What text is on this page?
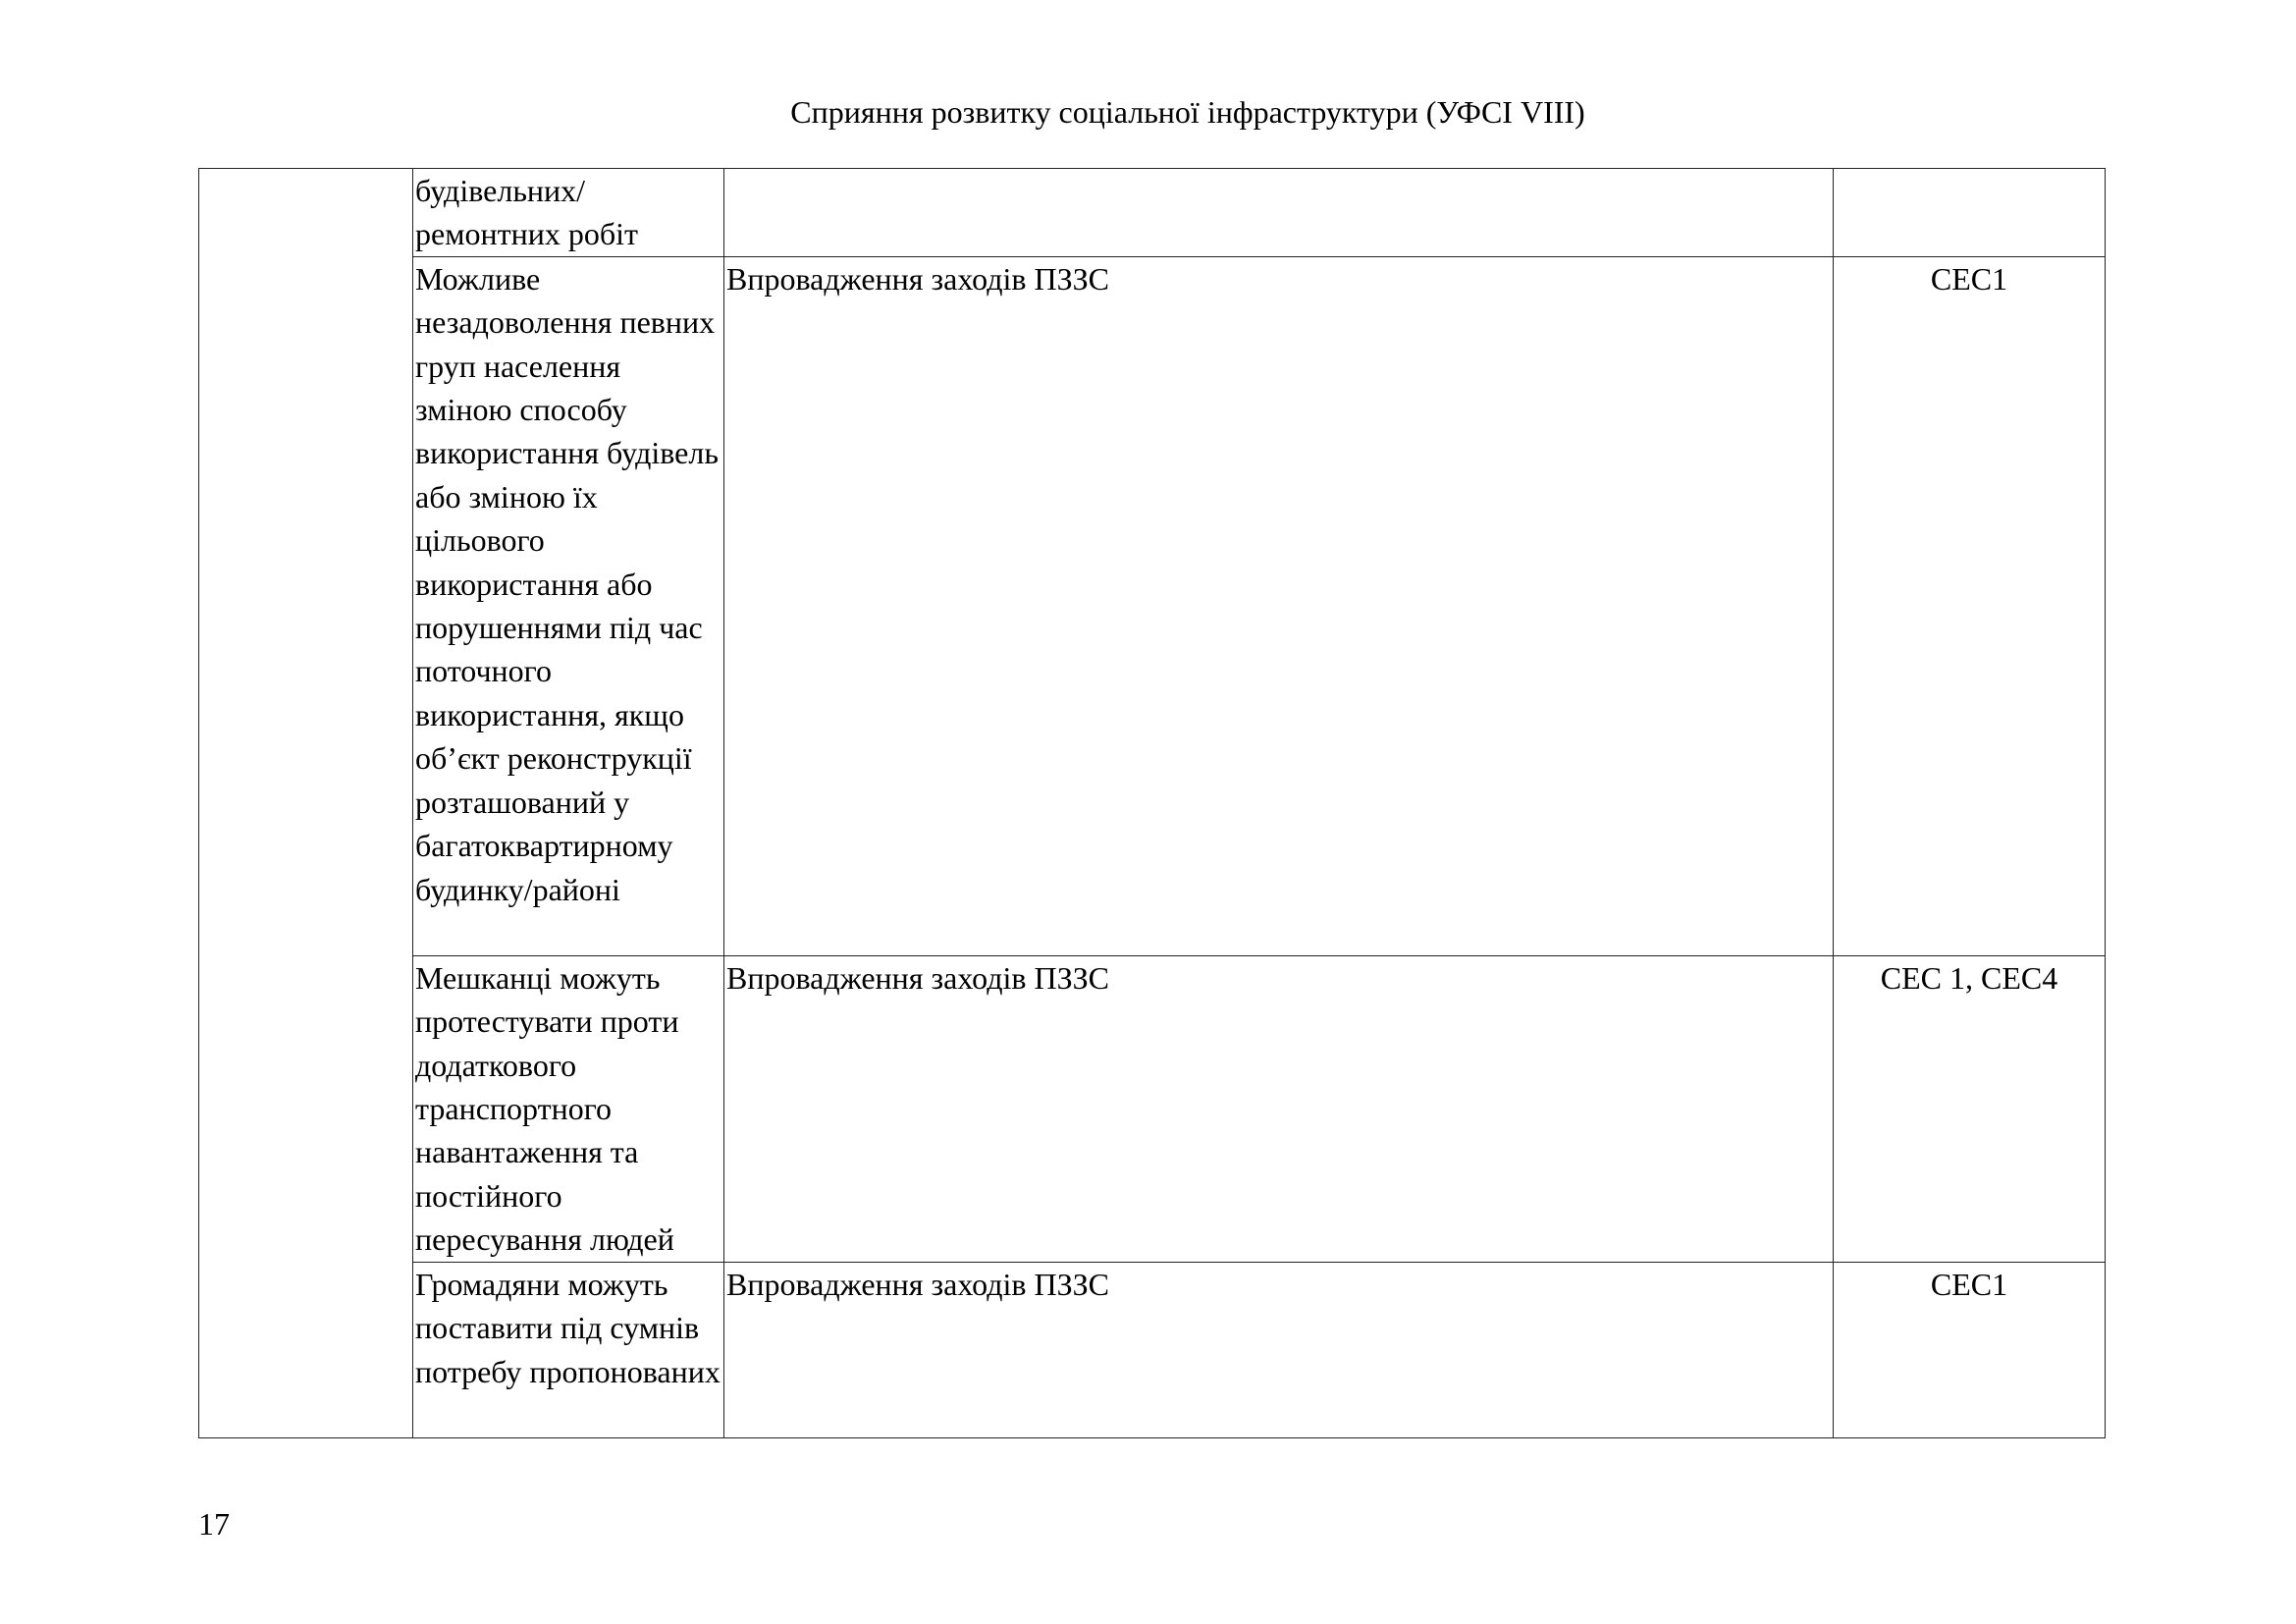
Сприяння розвитку соціальної інфраструктури (УФСІ VIII)
	будівельних/ремонтних робіт		
	Можливе незадоволення певних груп населення зміною способу використання будівель або зміною їх цільового використання або порушеннями під час поточного використання, якщо об’єкт реконструкції розташований у багатоквартирному будинку/районі	Впровадження заходів ПЗЗС	СЕС1
	Мешканці можуть протестувати проти додаткового транспортного навантаження та постійного пересування людей	Впровадження заходів ПЗЗС	СЕС 1, СЕС4
	Громадяни можуть поставити під сумнів потребу пропонованих	Впровадження заходів ПЗЗС	СЕС1
17
